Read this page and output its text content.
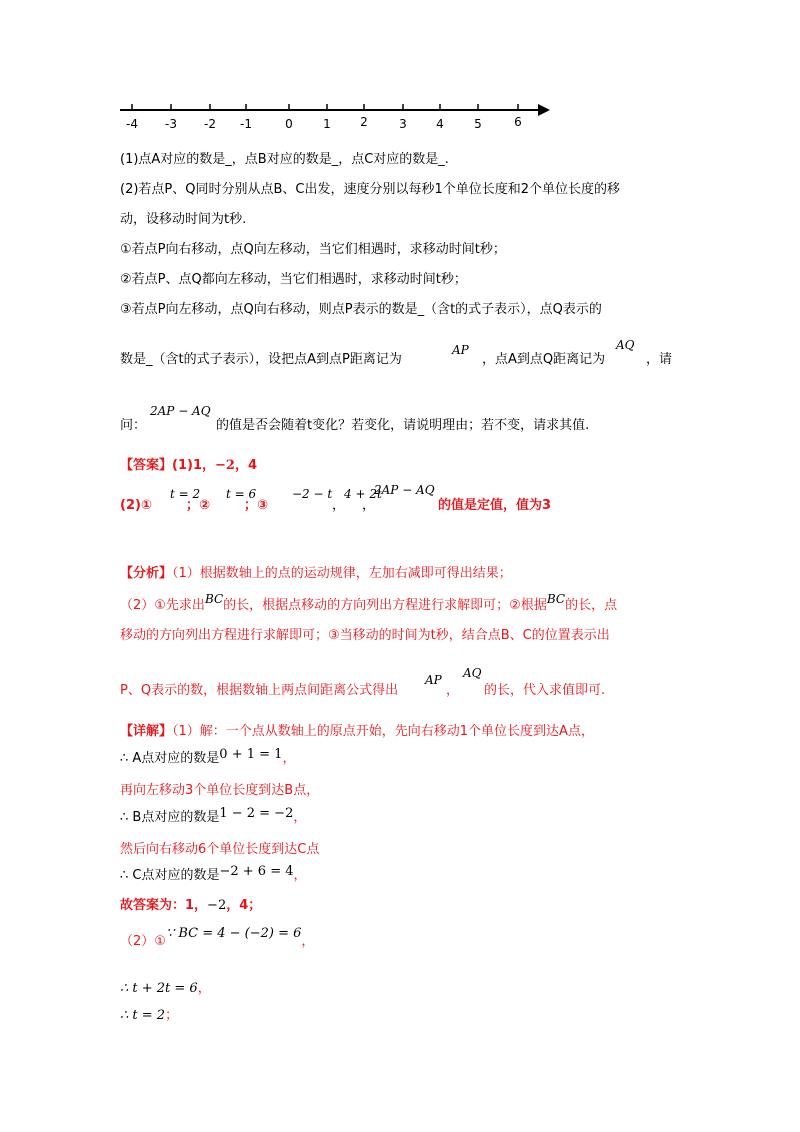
-4 -3 -2 -1	0	1 2	3 4	5	6
(1)点A对应的数是_，点B对应的数是_，点C对应的数是_.
(2)若点P、Q同时分别从点B、C出发，速度分别以每秒1个单位长度和2个单位长度的移
动，设移动时间为t秒.
①若点P向右移动，点Q向左移动，当它们相遇时，求移动时间t秒；
②若点P、点Q都向左移动，当它们相遇时，求移动时间t秒；
③若点P向左移动，点Q向右移动，则点P表示的数是_（含t的式子表示），点Q表示的
数是_（含t的式子表示），设把点A到点P距离记为
AP
，点A到点Q距离记为
AQ
，请
问：
2AP − AQ
的值是否会随着t变化？若变化，请说明理由；若不变，请求其值.
【答案】(1)1，−2，4
(2)①
t = 2
；②
t = 6
；③
−2 − t
，
4 + 2t
，
2AP − AQ
的值是定值，值为3
【分析】（1）根据数轴上的点的运动规律，左加右减即可得出结果；
（2）①先求出BC的长，根据点移动的方向列出方程进行求解即可；②根据BC的长，点
移动的方向列出方程进行求解即可；③当移动的时间为t秒，结合点B、C的位置表示出
P、Q表示的数，根据数轴上两点间距离公式得出
AP
，
AQ
的长，代入求值即可.
【详解】（1）解：一个点从数轴上的原点开始，先向右移动1个单位长度到达A点，
∴ A点对应的数是0 + 1 = 1，
再向左移动3个单位长度到达B点，
∴ B点对应的数是1 − 2 = −2，
然后向右移动6个单位长度到达C点
∴ C点对应的数是−2 + 6 = 4，
故答案为：1，−2，4；
（2）①∵ BC = 4 − (−2) = 6，
∴ t + 2t = 6，
∴ t = 2；
